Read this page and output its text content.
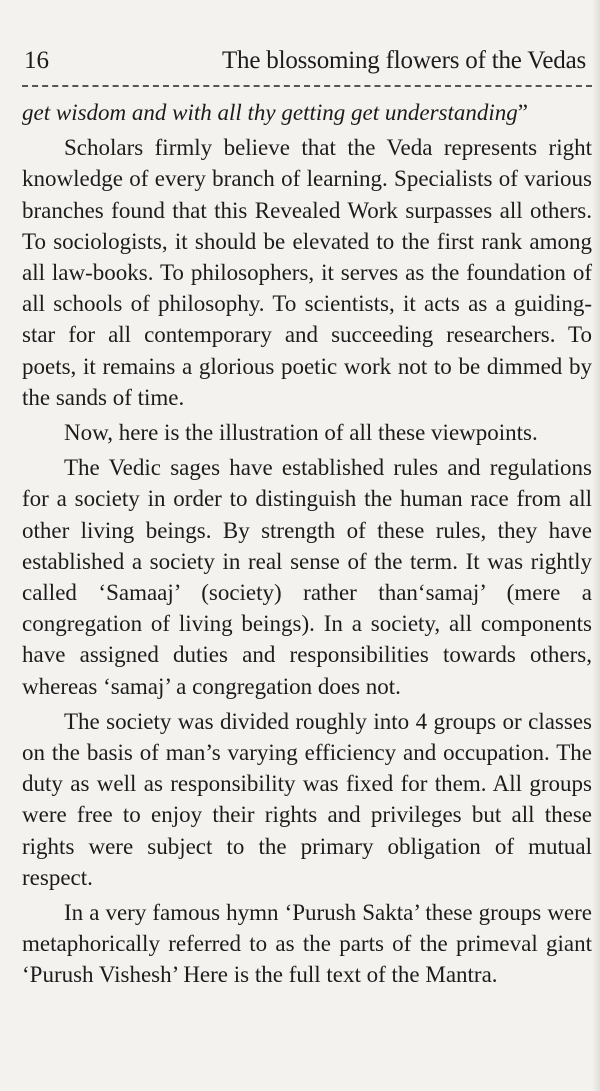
16	The blossoming flowers of the Vedas

get wisdom and with all thy getting get understanding”

Scholars firmly believe that the Veda represents right knowledge of every branch of learning. Specialists of various branches found that this Revealed Work surpasses all others. To sociologists, it should be elevated to the first rank among all law-books. To philosophers, it serves as the foundation of all schools of philosophy. To scientists, it acts as a guiding-star for all contemporary and succeeding researchers. To poets, it remains a glorious poetic work not to be dimmed by the sands of time.

Now, here is the illustration of all these viewpoints.

The Vedic sages have established rules and regulations for a society in order to distinguish the human race from all other living beings. By strength of these rules, they have established a society in real sense of the term. It was rightly called ‘Samaaj’ (society) rather than‘samaj’ (mere a congregation of living beings). In a society, all components have assigned duties and responsibilities towards others, whereas ‘samaj’ a congregation does not.

The society was divided roughly into 4 groups or classes on the basis of man’s varying efficiency and occupation. The duty as well as responsibility was fixed for them. All groups were free to enjoy their rights and privileges but all these rights were subject to the primary obligation of mutual respect.

In a very famous hymn ‘Purush Sakta’ these groups were metaphorically referred to as the parts of the primeval giant ‘Purush Vishesh’ Here is the full text of the Mantra.
